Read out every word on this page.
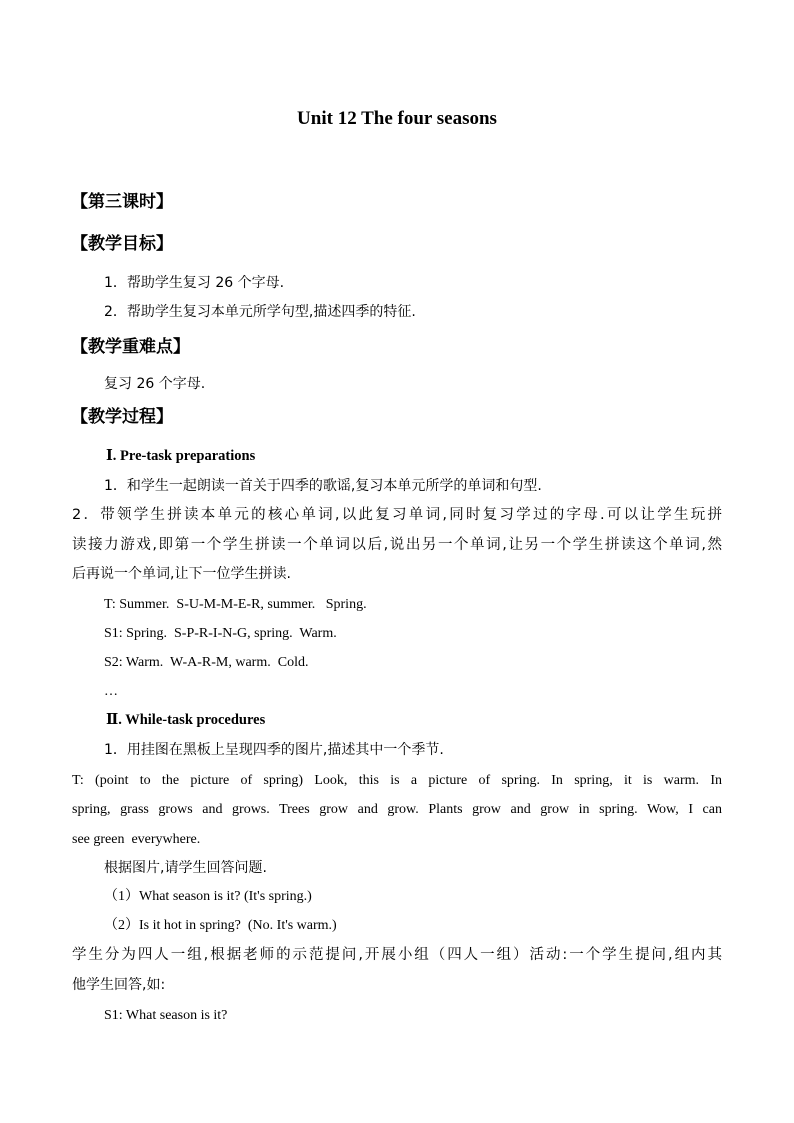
Unit 12 The four seasons
【第三课时】
【教学目标】
1．帮助学生复习 26 个字母.
2．帮助学生复习本单元所学句型,描述四季的特征.
【教学重难点】
复习 26 个字母.
【教学过程】
Ⅰ. Pre-task preparations
1．和学生一起朗读一首关于四季的歌谣,复习本单元所学的单词和句型.
2．带领学生拼读本单元的核心单词,以此复习单词,同时复习学过的字母.可以让学生玩拼
读接力游戏,即第一个学生拼读一个单词以后,说出另一个单词,让另一个学生拼读这个单词,然
后再说一个单词,让下一位学生拼读.
T: Summer.  S-U-M-M-E-R, summer.   Spring.
S1: Spring.  S-P-R-I-N-G, spring.  Warm.
S2: Warm.  W-A-R-M, warm.  Cold.
…
Ⅱ. While-task procedures
1．用挂图在黑板上呈现四季的图片,描述其中一个季节.
T:  (point  to  the  picture  of  spring)  Look,  this  is  a  picture  of  spring.  In  spring,  it  is  warm.  In
spring,  grass  grows  and  grows.  Trees  grow  and  grow.  Plants  grow  and  grow  in  spring.  Wow,  I  can
see green  everywhere.
根据图片,请学生回答问题.
（1）What season is it? (It's spring.)
（2）Is it hot in spring?  (No. It's warm.)
学生分为四人一组,根据老师的示范提问,开展小组（四人一组）活动:一个学生提问,组内其
他学生回答,如:
S1: What season is it?
